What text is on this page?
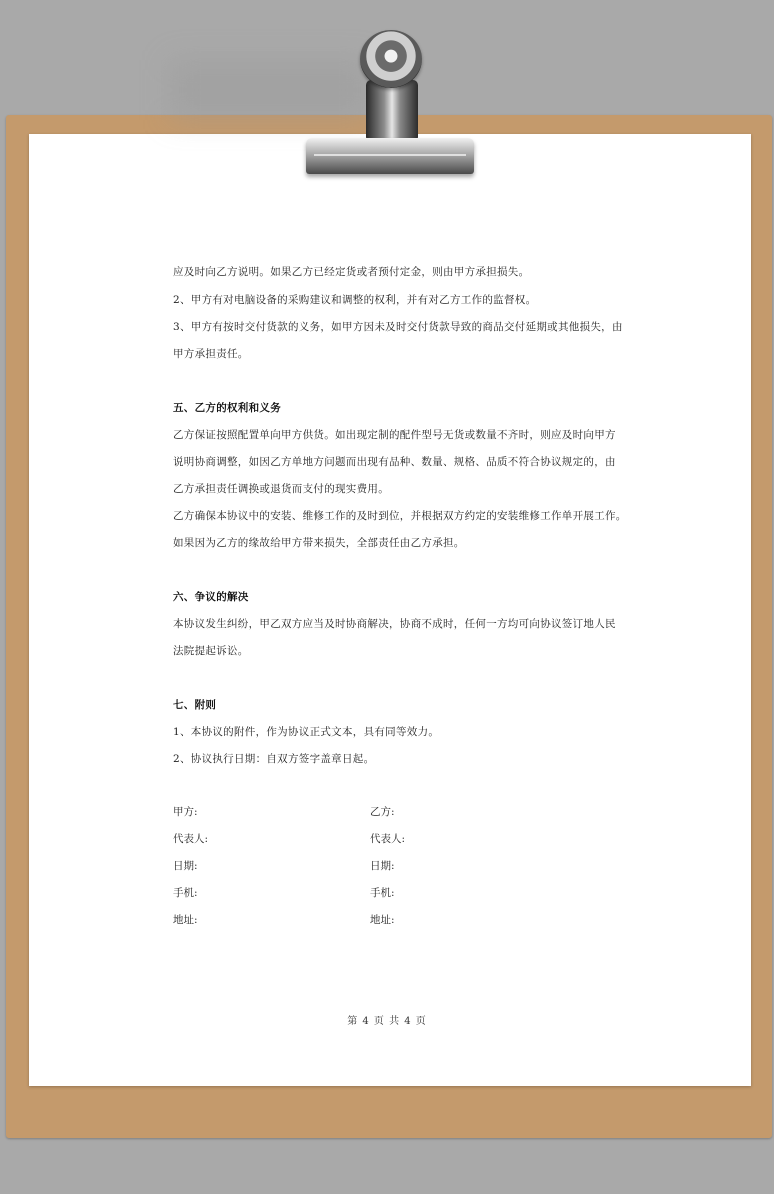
应及时向乙方说明。如果乙方已经定货或者预付定金，则由甲方承担损失。
2、甲方有对电脑设备的采购建议和调整的权利，并有对乙方工作的监督权。
3、甲方有按时交付货款的义务，如甲方因未及时交付货款导致的商品交付延期或其他损失，由
甲方承担责任。
五、乙方的权利和义务
乙方保证按照配置单向甲方供货。如出现定制的配件型号无货或数量不齐时，则应及时向甲方
说明协商调整，如因乙方单地方问题而出现有品种、数量、规格、品质不符合协议规定的，由
乙方承担责任调换或退货而支付的现实费用。
乙方确保本协议中的安装、维修工作的及时到位，并根据双方约定的安装维修工作单开展工作。
如果因为乙方的缘故给甲方带来损失，全部责任由乙方承担。
六、争议的解决
本协议发生纠纷，甲乙双方应当及时协商解决，协商不成时，任何一方均可向协议签订地人民
法院提起诉讼。
七、附则
1、本协议的附件，作为协议正式文本，具有同等效力。
2、协议执行日期：自双方签字盖章日起。
甲方:
代表人:
日期:
手机:
地址:
乙方:
代表人:
日期:
手机:
地址:
第 4 页 共 4 页
